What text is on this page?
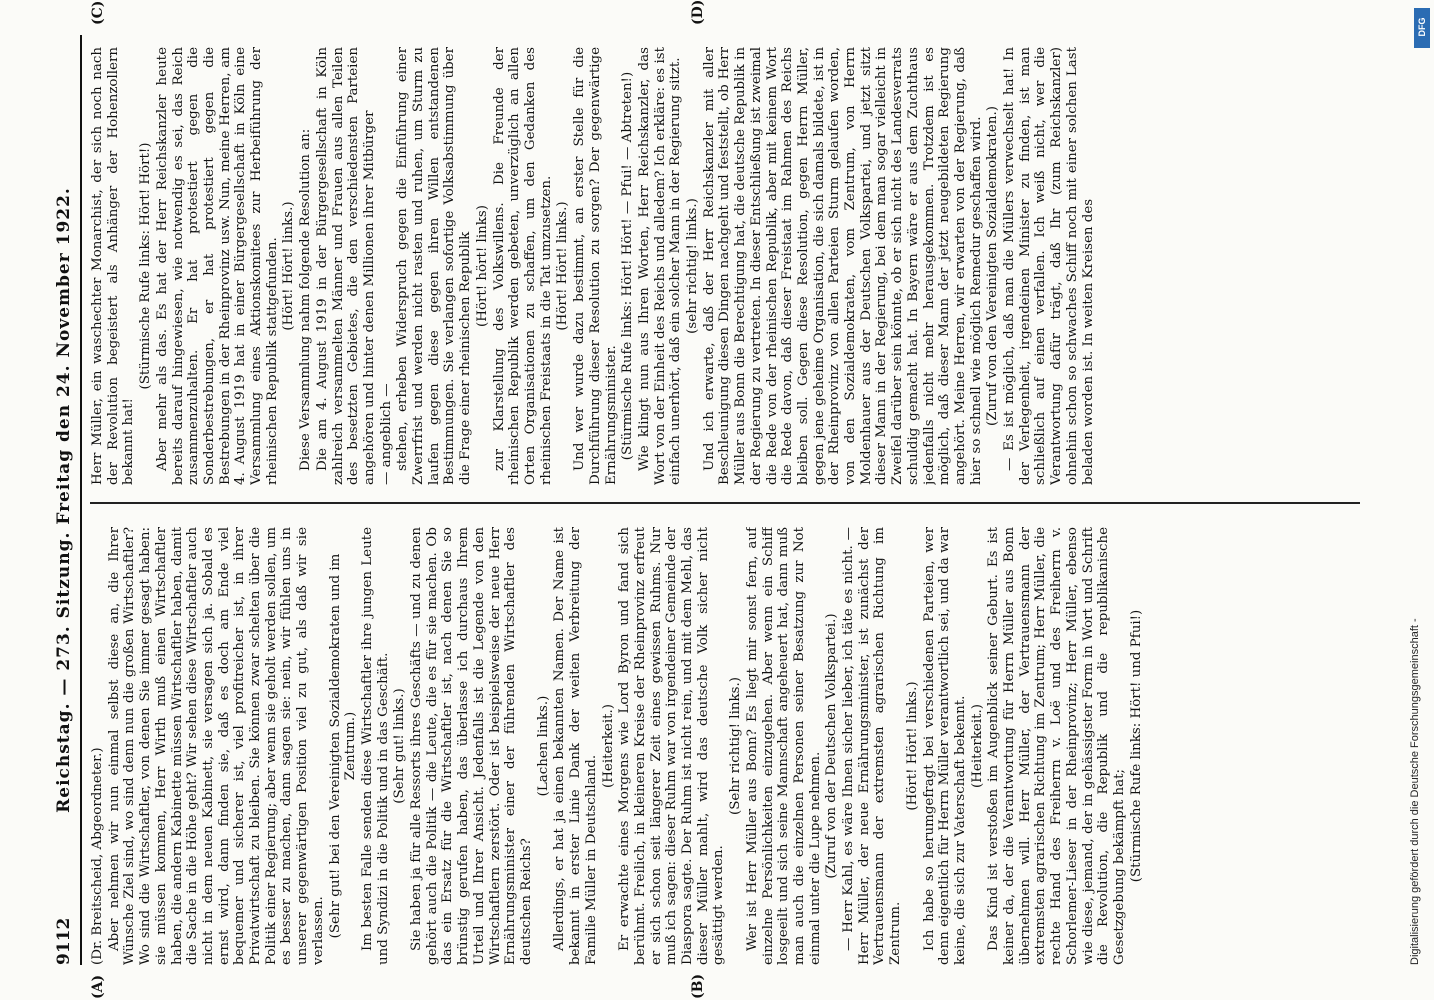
9112
Reichstag. — 273. Sitzung. Freitag den 24. November 1922.

(Dr. Breitscheid, Abgeordneter.) Aber nehmen wir nun einmal selbst diese an, die Ihrer Wünsche Ziel sind, wo sind denn nun die großen Wirtschaftler? Wo sind die Wirtschaftler, von denen Sie immer gesagt haben: sie müssen kommen, Herr Wirth muß einen Wirtschaftler haben, die andern Kabinette müssen Wirtschaftler haben, damit die Sache in die Höhe geht? Wir sehen diese Wirtschaftler auch nicht in dem neuen Kabinett, sie versagen sich ja. Sobald es ernst wird, dann finden sie, daß es doch am Ende viel bequemer und sicherer ist, viel profitreicher ist, in ihrer Privatwirtschaft zu bleiben. Sie können zwar schelten über die Politik einer Regierung; aber wenn sie geholt werden sollen, um es besser zu machen, dann sagen sie: nein, wir fühlen uns in unserer gegenwärtigen Position viel zu gut, als daß wir sie verlassen. (Sehr gut! bei den Vereinigten Sozialdemokraten und im Zentrum.) Im besten Falle senden diese Wirtschaftler ihre jungen Leute und Syndizi in die Politik und in das Geschäft. (Sehr gut! links.) Sie haben ja für alle Ressorts ihres Geschäfts — und zu denen gehört auch die Politik — die Leute, die es für sie machen. Ob das ein Ersatz für die Wirtschaftler ist, nach denen Sie so brünstig gerufen haben, das überlasse ich durchaus Ihrem Urteil und Ihrer Ansicht. Jedenfalls ist die Legende von den Wirtschaftlern zerstört. Oder ist beispielsweise der neue Herr Ernährungsminister einer der führenden Wirtschaftler des deutschen Reichs?

(Lachen links.) Allerdings, er hat ja einen bekannten Namen. Der Name ist bekannt in erster Linie Dank der weiten Verbreitung der Familie Müller in Deutschland.

(Heiterkeit.) Er erwachte eines Morgens wie Lord Byron und fand sich berühmt. Freilich, in kleineren Kreise der Rheinprovinz erfreut er sich schon seit längerer Zeit eines gewissen Ruhms. Nur muß ich sagen: dieser Ruhm war von irgendeiner Gemeinde der Diaspora sagte. Der Ruhm ist nicht rein, und mit dem Mehl, das dieser Müller mahlt, wird das deutsche Volk sicher nicht gesättigt werden.

(Sehr richtig! links.) Wer ist Herr Müller aus Bonn? Es liegt mir sonst fern, auf einzelne Persönlichkeiten einzugehen. Aber wenn ein Schiff losgeeilt und sich seine Mannschaft angeheuert hat, dann muß man auch die einzelnen Personen seiner Besatzung zur Not einmal unter die Lupe nehmen. (Zuruf von der Deutschen Volkspartei.) — Herr Kahl, es wäre Ihnen sicher lieber, ich täte es nicht. — Herr Müller, der neue Ernährungsminister, ist zunächst der Vertrauensmann der extremsten agrarischen Richtung im Zentrum.

(Hört! Hört! links.) Ich habe so herumgefragt bei verschiedenen Parteien, wer denn eigentlich für Herrn Müller verantwortlich sei, und da war keine, die sich zur Vaterschaft bekennt. (Heiterkeit.) Das Kind ist verstoßen im Augenblick seiner Geburt. Es ist keiner da, der die Verantwortung für Herrn Müller aus Bonn übernehmen will. Herr Müller, der Vertrauensmann der extremsten agrarischen Richtung im Zentrum; Herr Müller, die rechte Hand des Freiherrn v. Loë und des Freiherrn v. Schorlemer-Lieser in der Rheinprovinz; Herr Müller, ebenso wie diese, jemand, der in gehässigster Form in Wort und Schrift die Revolution, die Republik und die republikanische Gesetzgebung bekämpft hat; (Stürmische Rufe links: Hört! und Pfui!)

Herr Müller, ein waschechter Monarchist, der sich noch nach der Revolution begeistert als Anhänger der Hohenzollern bekannt hat!

(Stürmische Rufe links: Hört! Hört!) Aber mehr als das. Es hat der Herr Reichskanzler heute bereits darauf hingewiesen, wie notwendig es sei, das Reich zusammenzuhalten. Er hat protestiert gegen die Sonderbestrebungen, er hat protestiert gegen die Bestrebungen in der Rheinprovinz usw. Nun, meine Herren, am 4. August 1919 hat in einer Bürgergesellschaft in Köln eine Versammlung eines Aktionskomitees zur Herbeiführung der rheinischen Republik stattgefunden. (Hört! Hört! links.) Diese Versammlung nahm folgende Resolution an: Die am 4. August 1919 in der Bürgergesellschaft in Köln zahlreich versammelten Männer und Frauen aus allen Teilen des besetzten Gebietes, die den verschiedensten Parteien angehören und hinter denen Millionen ihrer Mitbürger — angeblich — stehen, erheben Widerspruch gegen die Einführung einer Zwerrfrist und werden nicht rasten und ruhen, um Sturm zu laufen gegen diese gegen ihren Willen entstandenen Bestimmungen. Sie verlangen sofortige Volksabstimmung über die Frage einer rheinischen Republik (Hört! hört! links) zur Klarstellung des Volkswillens. Die Freunde der rheinischen Republik werden gebeten, unverzüglich an allen Orten Organisationen zu schaffen, um den Gedanken des rheinischen Freistaats in die Tat umzusetzen. (Hört! Hört! links.) Und wer wurde dazu bestimmt, an erster Stelle für die Durchführung dieser Resolution zu sorgen? Der gegenwärtige Ernährungsminister. (Stürmische Rufe links: Hört! Hört! — Pfui! — Abtreten!) Wie klingt nun aus Ihren Worten, Herr Reichskanzler, das Wort von der Einheit des Reichs und alledem? Ich erkläre: es ist einfach unerhört, daß ein solcher Mann in der Regierung sitzt. (sehr richtig! links.) Und ich erwarte, daß der Herr Reichskanzler mit aller Beschleunigung diesen Dingen nachgeht und feststellt, ob Herr Müller aus Bonn die Berechtigung hat, die deutsche Republik in der Regierung zu vertreten. In dieser Entschließung ist zweimal die Rede von der rheinischen Republik, aber mit keinem Wort die Rede davon, daß dieser Freistaat im Rahmen des Reichs bleiben soll. Gegen diese Resolution, gegen Herrn Müller, gegen jene geheime Organisation, die sich damals bildete, ist in der Rheinprovinz von allen Parteien Sturm gelaufen worden, von den Sozialdemokraten, vom Zentrum, von Herrn Moldenhauer aus der Deutschen Volkspartei, und jetzt sitzt dieser Mann in der Regierung, bei dem man sogar vielleicht in Zweifel darüber sein könnte, ob er sich nicht des Landesverrats schuldig gemacht hat. In Bayern wäre er aus dem Zuchthaus jedenfalls nicht mehr herausgekommen. Trotzdem ist es möglich, daß dieser Mann der jetzt neugebildeten Regierung angehört. Meine Herren, wir erwarten von der Regierung, daß hier so schnell wie möglich Remedur geschaffen wird. (Zuruf von den Vereinigten Sozialdemokraten.) — Es ist möglich, daß man die Müllers verwechselt hat! In der Verlegenheit, irgendeinen Minister zu finden, ist man schließlich auf einen verfallen. Ich weiß nicht, wer die Verantwortung dafür trägt, daß Ihr (zum Reichskanzler) ohnehin schon so schwaches Schiff noch mit einer solchen Last beladen worden ist. In weiten Kreisen des

(A)	(B)
(C)	(D)
Digitalisierung gefördert durch die Deutsche Forschungsgemeinschaft -
DFG
